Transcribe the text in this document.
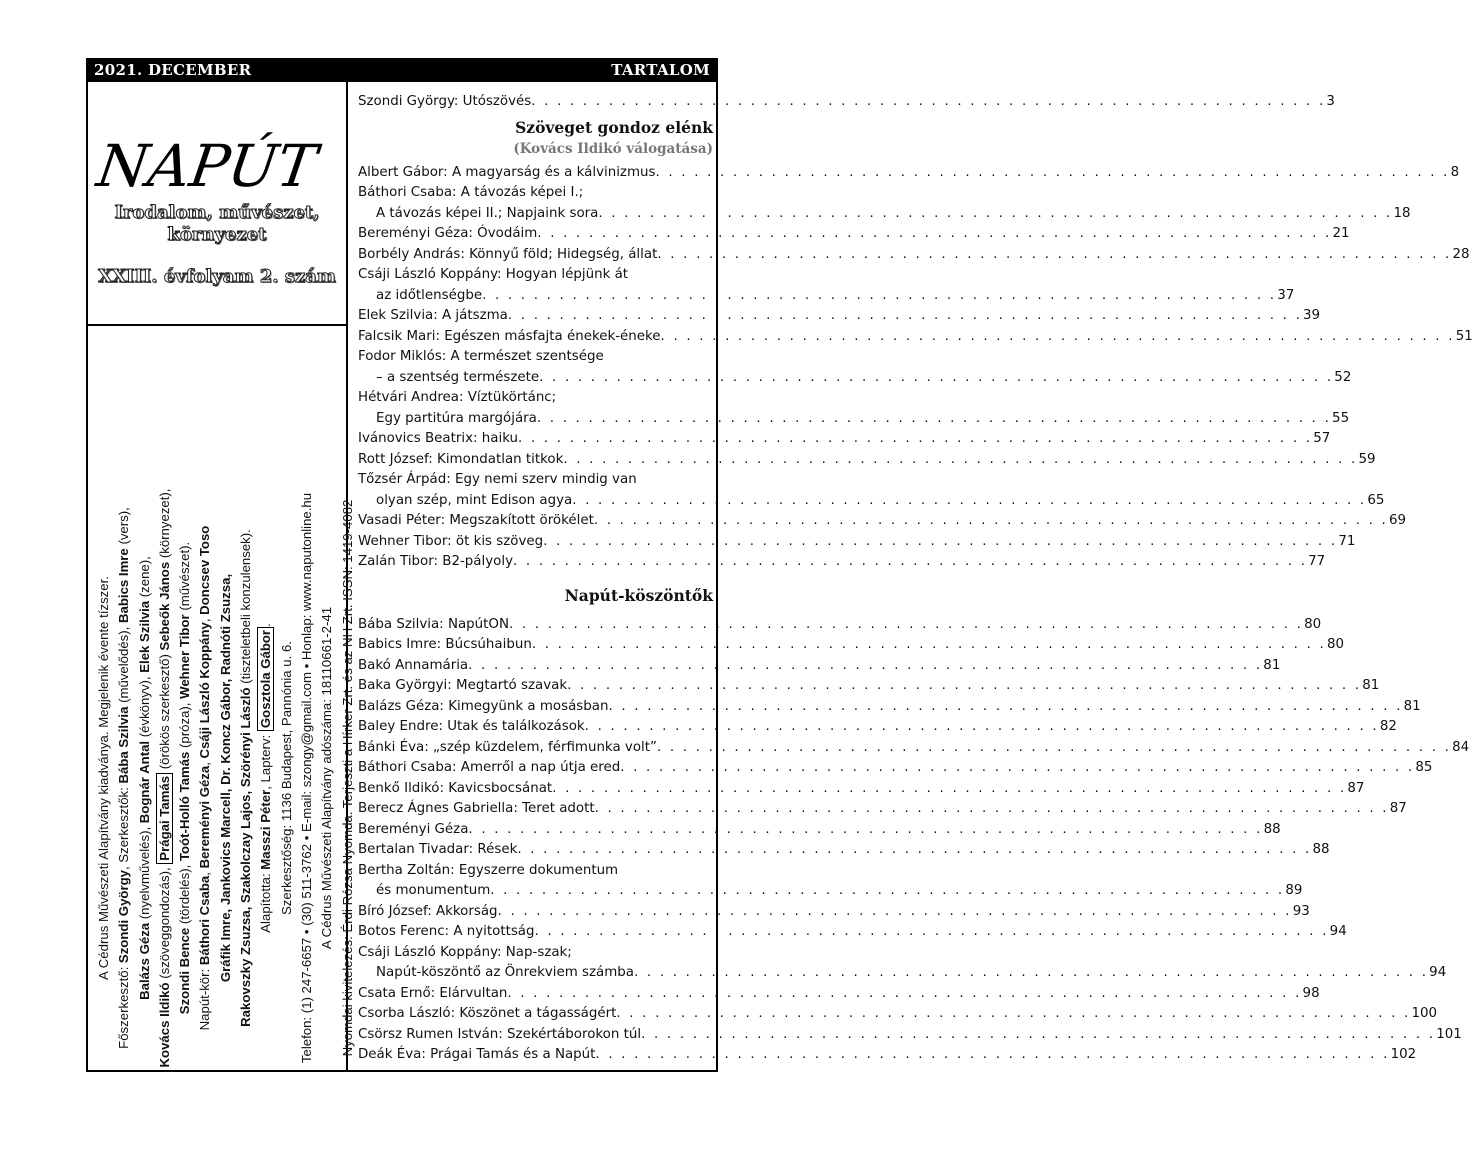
2021. DECEMBER	TARTALOM
NAPÚT
Irodalom, művészet,
környezet
XXIII. évfolyam 2. szám

A Cédrus Művészeti Alapítvány kiadványa. Megjelenik évente tízszer.

Főszerkesztő: Szondi György, Szerkesztők: Bába Szilvia (művelődés), Babics Imre (vers),

Balázs Géza (nyelvművelés), Bognár Antal (évkönyv), Elek Szilvia (zene),

Kovács Ildikó (szöveggondozás), Prágai Tamás (örökös szerkesztő) Sebeők János (környezet),

Szondi Bence (tördelés), Toót-Holló Tamás (próza), Wehner Tibor (művészet).

Napút-kör: Báthori Csaba, Bereményi Géza, Csáji László Koppány, Doncsev Toso

Gráfik Imre, Jankovics Marcell, Dr. Koncz Gábor, Radnóti Zsuzsa, Rakovszky Zsuzsa, Szakolczay Lajos, Szörényi László (tiszteletbeli konzulensek).

Alapította: Masszi Péter, Lapterv: Gosztola Gábor.

Szerkesztőség: 1136 Budapest, Pannónia u. 6. Telefon: (1) 247-6657 • (30) 511-3762 • E-mail: szongy@gmail.com • Honlap: www.naputonline.hu A Cédrus Művészeti Alapítvány adószáma: 18110661-2-41 Nyomdai kivitelezés: Érdi Rózsa Nyomda. Terjeszti a Hírker Zrt. és az NH Zrt. ISSN: 1419-4082

Szondi György: Utószövés . . .	3
Szöveget gondoz elénk
(Kovács Ildikó válogatása)
Albert Gábor: A magyarság és a kálvinizmus . . .	8
Báthori Csaba: A távozás képei I.;
A távozás képei II.; Napjaink sora . . .	18
Bereményi Géza: Óvodáim . . .	21
Borbély András: Könnyű föld; Hidegség, állat . . .	28
Csáji László Koppány: Hogyan lépjünk át
az időtlenségbe . . .	37
Elek Szilvia: A játszma . . .	39
Falcsik Mari: Egészen másfajta énekek-éneke . . .	51
Fodor Miklós: A természet szentsége
– a szentség természete . . .	52
Hétvári Andrea: Víztükörtánc;
Egy partitúra margójára . . .	55
Ivánovics Beatrix: haiku . . .	57
Rott József: Kimondatlan titkok . . .	59
Tőzsér Árpád: Egy nemi szerv mindig van
olyan szép, mint Edison agya . . .	65
Vasadi Péter: Megszakított örökélet . . .	69
Wehner Tibor: öt kis szöveg . . .	71
Zalán Tibor: B2-pályoly . . .	77
Napút-köszöntők
Bába Szilvia: NapútON . . .	80
Babics Imre: Búcsúhaibun . . .	80
Bakó Annamária . . .	81
Baka Györgyi: Megtartó szavak . . .	81
Balázs Géza: Kimegyünk a mosásban . . .	81
Baley Endre: Utak és találkozások . . .	82
Bánki Éva: „szép küzdelem, férfimunka volt” . . .	84
Báthori Csaba: Amerről a nap útja ered . . .	85
Benkő Ildikó: Kavicsbocsánat . . .	87
Berecz Ágnes Gabriella: Teret adott . . .	87
Bereményi Géza . . .	88
Bertalan Tivadar: Rések . . .	88
Bertha Zoltán: Egyszerre dokumentum
és monumentum . . .	89
Bíró József: Akkorság . . .	93
Botos Ferenc: A nyitottság . . .	94
Csáji László Koppány: Nap-szak;
Napút-köszöntő az Önrekviem számba . . .	94
Csata Ernő: Elárvultan . . .	98
Csorba László: Köszönet a tágasságért . . .	100
Csörsz Rumen István: Szekértáborokon túl . . .	101
Deák Éva: Prágai Tamás és a Napút . . .	102
